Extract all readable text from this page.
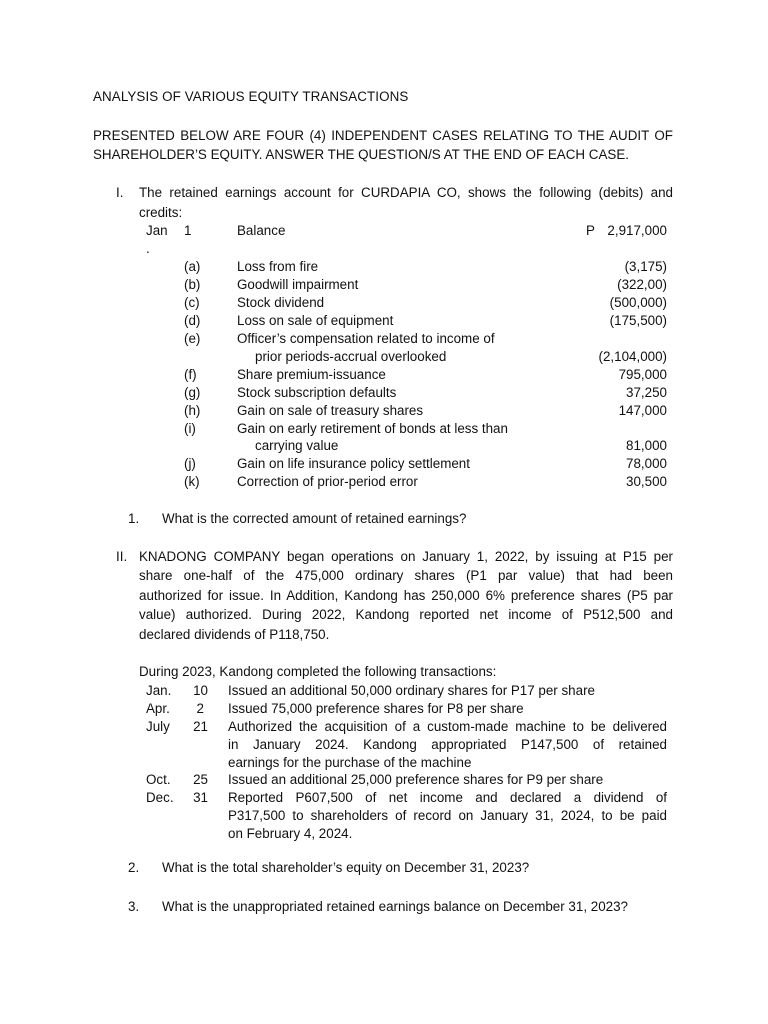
ANALYSIS OF VARIOUS EQUITY TRANSACTIONS
PRESENTED BELOW ARE FOUR (4) INDEPENDENT CASES RELATING TO THE AUDIT OF
SHAREHOLDER’S EQUITY. ANSWER THE QUESTION/S AT THE END OF EACH CASE.
I. The retained earnings account for CURDAPIA CO, shows the following (debits) and
credits:
Jan 1
.
Balance	P 2,917,000
(a)	Loss from fire	(3,175)
(b)	Goodwill impairment	(322,00)
(c)	Stock dividend	(500,000)
(d)	Loss on sale of equipment	(175,500)
(e)	Officer’s compensation related to income of
prior periods-accrual overlooked	(2,104,000)
(f)	Share premium-issuance	795,000
(g)	Stock subscription defaults	37,250
(h)	Gain on sale of treasury shares	147,000
(i)	Gain on early retirement of bonds at less than
carrying value	81,000
(j)	Gain on life insurance policy settlement	78,000
(k)	Correction of prior-period error	30,500
1. What is the corrected amount of retained earnings?
II. KNADONG COMPANY began operations on January 1, 2022, by issuing at P15 per
share one-half of the 475,000 ordinary shares (P1 par value) that had been
authorized for issue. In Addition, Kandong has 250,000 6% preference shares (P5 par
value) authorized. During 2022, Kandong reported net income of P512,500 and
declared dividends of P118,750.
During 2023, Kandong completed the following transactions:
Jan.	10 Issued an additional 50,000 ordinary shares for P17 per share
Apr.	2 Issued 75,000 preference shares for P8 per share
July	21 Authorized the acquisition of a custom-made machine to be delivered
in January 2024. Kandong appropriated P147,500 of retained
earnings for the purchase of the machine
Oct.	25 Issued an additional 25,000 preference shares for P9 per share
Dec.	31 Reported P607,500 of net income and declared a dividend of
P317,500 to shareholders of record on January 31, 2024, to be paid
on February 4, 2024.
2. What is the total shareholder’s equity on December 31, 2023?
3. What is the unappropriated retained earnings balance on December 31, 2023?
